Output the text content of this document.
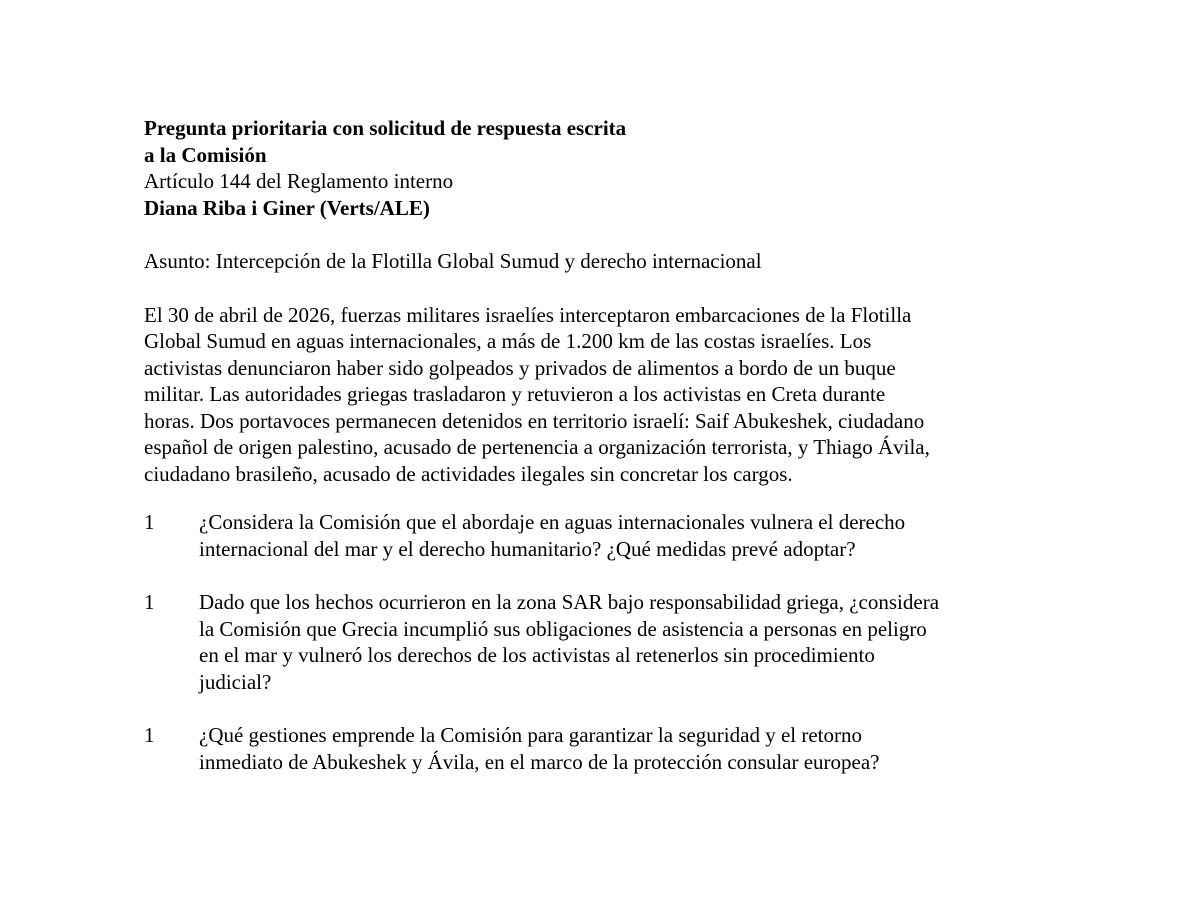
Pregunta prioritaria con solicitud de respuesta escrita
a la Comisión
Artículo 144 del Reglamento interno
Diana Riba i Giner (Verts/ALE)
Asunto: Intercepción de la Flotilla Global Sumud y derecho internacional
El 30 de abril de 2026, fuerzas militares israelíes interceptaron embarcaciones de la Flotilla
Global Sumud en aguas internacionales, a más de 1.200 km de las costas israelíes. Los
activistas denunciaron haber sido golpeados y privados de alimentos a bordo de un buque
militar. Las autoridades griegas trasladaron y retuvieron a los activistas en Creta durante
horas. Dos portavoces permanecen detenidos en territorio israelí: Saif Abukeshek, ciudadano
español de origen palestino, acusado de pertenencia a organización terrorista, y Thiago Ávila,
ciudadano brasileño, acusado de actividades ilegales sin concretar los cargos.
1	¿Considera la Comisión que el abordaje en aguas internacionales vulnera el derecho
internacional del mar y el derecho humanitario? ¿Qué medidas prevé adoptar?
1	Dado que los hechos ocurrieron en la zona SAR bajo responsabilidad griega, ¿considera
la Comisión que Grecia incumplió sus obligaciones de asistencia a personas en peligro
en el mar y vulneró los derechos de los activistas al retenerlos sin procedimiento
judicial?
1	¿Qué gestiones emprende la Comisión para garantizar la seguridad y el retorno
inmediato de Abukeshek y Ávila, en el marco de la protección consular europea?
